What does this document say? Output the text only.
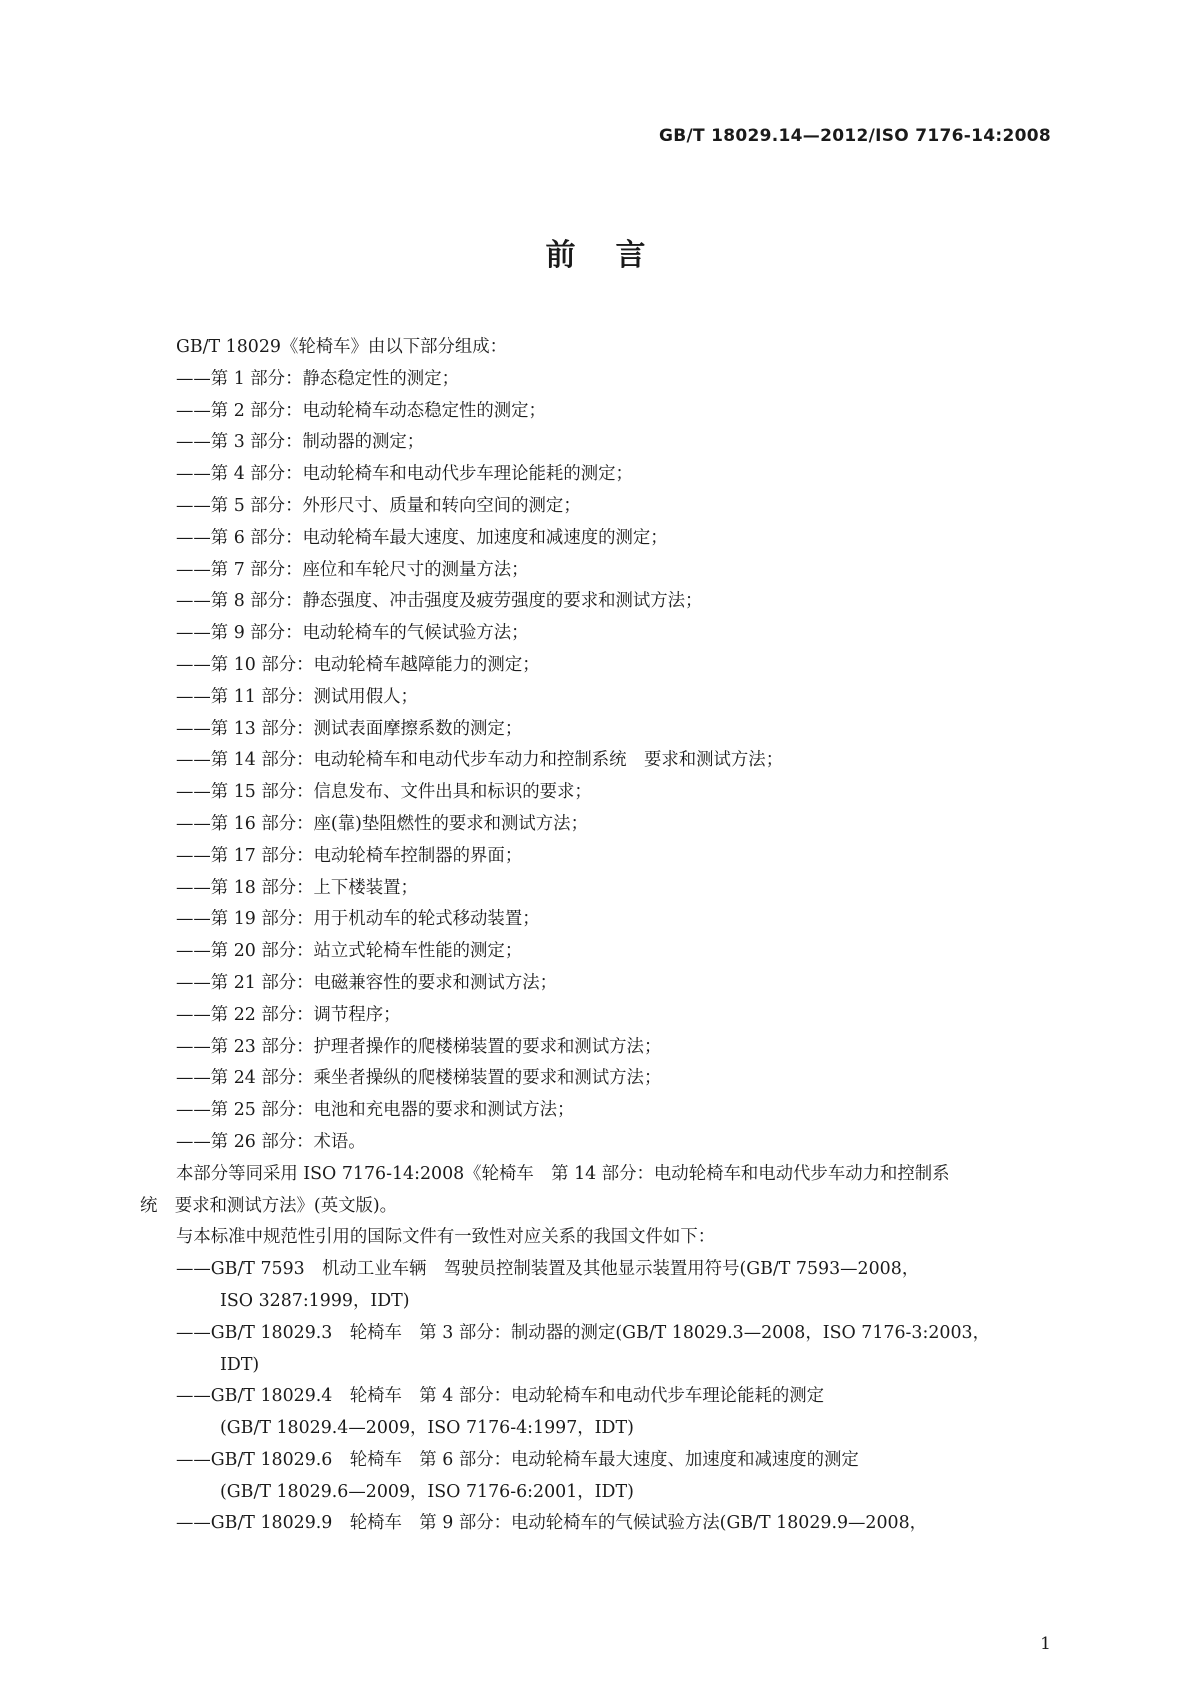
GB/T 18029.14—2012/ISO 7176-14:2008
前言
GB/T 18029《轮椅车》由以下部分组成：
——第 1 部分：静态稳定性的测定；
——第 2 部分：电动轮椅车动态稳定性的测定；
——第 3 部分：制动器的测定；
——第 4 部分：电动轮椅车和电动代步车理论能耗的测定；
——第 5 部分：外形尺寸、质量和转向空间的测定；
——第 6 部分：电动轮椅车最大速度、加速度和减速度的测定；
——第 7 部分：座位和车轮尺寸的测量方法；
——第 8 部分：静态强度、冲击强度及疲劳强度的要求和测试方法；
——第 9 部分：电动轮椅车的气候试验方法；
——第 10 部分：电动轮椅车越障能力的测定；
——第 11 部分：测试用假人；
——第 13 部分：测试表面摩擦系数的测定；
——第 14 部分：电动轮椅车和电动代步车动力和控制系统　要求和测试方法；
——第 15 部分：信息发布、文件出具和标识的要求；
——第 16 部分：座(靠)垫阻燃性的要求和测试方法；
——第 17 部分：电动轮椅车控制器的界面；
——第 18 部分：上下楼装置；
——第 19 部分：用于机动车的轮式移动装置；
——第 20 部分：站立式轮椅车性能的测定；
——第 21 部分：电磁兼容性的要求和测试方法；
——第 22 部分：调节程序；
——第 23 部分：护理者操作的爬楼梯装置的要求和测试方法；
——第 24 部分：乘坐者操纵的爬楼梯装置的要求和测试方法；
——第 25 部分：电池和充电器的要求和测试方法；
——第 26 部分：术语。
本部分等同采用 ISO 7176-14:2008《轮椅车　第 14 部分：电动轮椅车和电动代步车动力和控制系
统　要求和测试方法》(英文版)。
与本标准中规范性引用的国际文件有一致性对应关系的我国文件如下：
——GB/T 7593　机动工业车辆　驾驶员控制装置及其他显示装置用符号(GB/T 7593—2008，
ISO 3287:1999，IDT)
——GB/T 18029.3　轮椅车　第 3 部分：制动器的测定(GB/T 18029.3—2008，ISO 7176-3:2003，
IDT)
——GB/T 18029.4　轮椅车　第 4 部分：电动轮椅车和电动代步车理论能耗的测定
(GB/T 18029.4—2009，ISO 7176-4:1997，IDT)
——GB/T 18029.6　轮椅车　第 6 部分：电动轮椅车最大速度、加速度和减速度的测定
(GB/T 18029.6—2009，ISO 7176-6:2001，IDT)
——GB/T 18029.9　轮椅车　第 9 部分：电动轮椅车的气候试验方法(GB/T 18029.9—2008，
1
